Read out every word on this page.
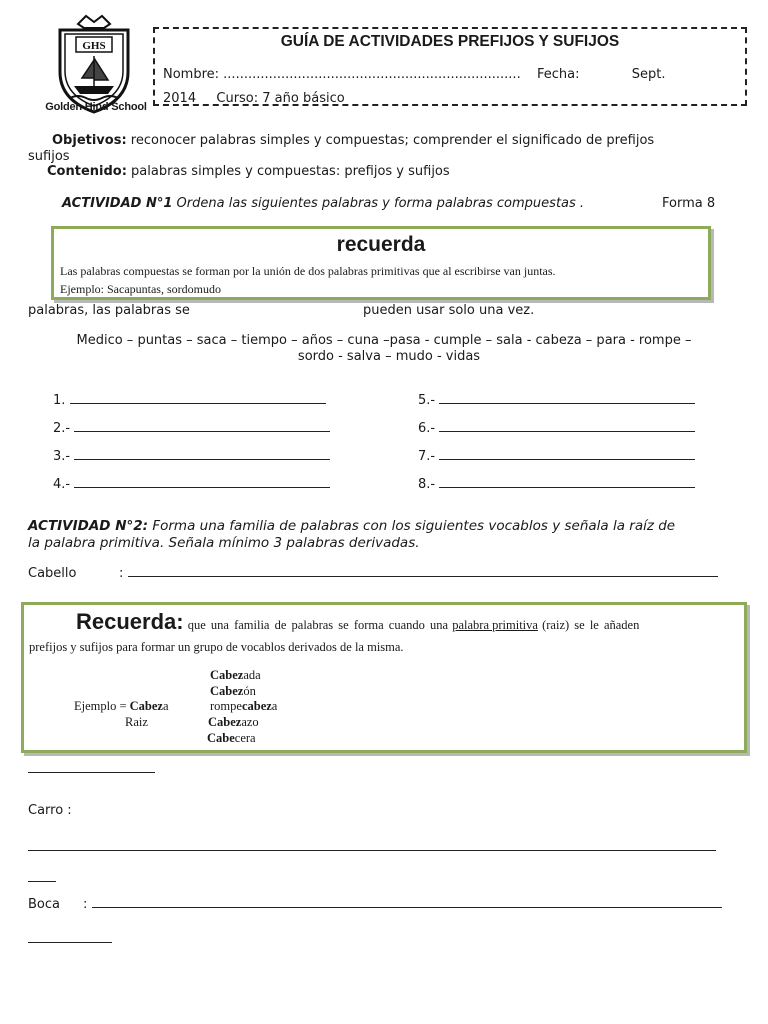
GHS
Golden Hind School
GUÍA DE ACTIVIDADES PREFIJOS Y SUFIJOS
Nombre: ........................................................................ Fecha:	Sept.
2014 Curso: 7 año básico
Objetivos: reconocer palabras simples y compuestas; comprender el significado de prefijos
sufijos
Contenido: palabras simples y compuestas: prefijos y sufijos
ACTIVIDAD N°1 Ordena las siguientes palabras y forma palabras compuestas .	Forma 8
recuerda
Las palabras compuestas se forman por la unión de dos palabras primitivas que al escribirse van juntas.
Ejemplo: Sacapuntas, sordomudo
palabras, las palabras se	pueden usar solo una vez.
Medico – puntas – saca – tiempo – años – cuna –pasa - cumple – sala - cabeza – para - rompe –
sordo - salva – mudo - vidas
1.
2.-
3.-
4.-
5.-
6.-
7.-
8.-
ACTIVIDAD N°2: Forma una familia de palabras con los siguientes vocablos y señala la raíz de
la palabra primitiva. Señala mínimo 3 palabras derivadas.
Cabello	:
Recuerda: que una familia de palabras se forma cuando una palabra primitiva (raiz) se le añaden
prefijos y sufijos para formar un grupo de vocablos derivados de la misma.
Cabezada
Cabezón
Ejemplo = Cabeza	rompecabeza
Raiz	Cabezazo
Cabecera
Carro :
Boca :
